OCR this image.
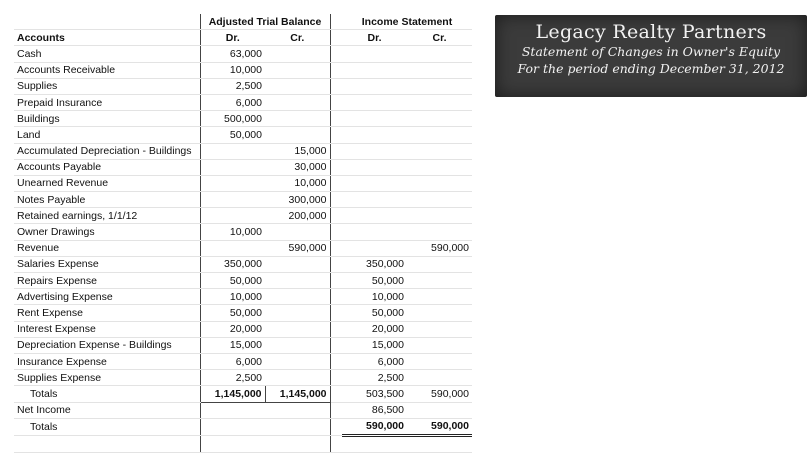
	Adjusted Trial Balance			Income Statement	
Accounts	Dr.	Cr.		Dr.	Cr.
Cash	63,000				
Accounts Receivable	10,000				
Supplies	2,500				
Prepaid Insurance	6,000				
Buildings	500,000				
Land	50,000				
Accumulated Depreciation - Buildings		15,000			
Accounts Payable		30,000			
Unearned Revenue		10,000			
Notes Payable		300,000			
Retained earnings, 1/1/12		200,000			
Owner Drawings	10,000				
Revenue		590,000			590,000
Salaries Expense	350,000			350,000	
Repairs Expense	50,000			50,000	
Advertising Expense	10,000			10,000	
Rent Expense	50,000			50,000	
Interest Expense	20,000			20,000	
Depreciation Expense - Buildings	15,000			15,000	
Insurance Expense	6,000			6,000	
Supplies Expense	2,500			2,500	
Totals	1,145,000	1,145,000		503,500	590,000
Net Income				86,500	
Totals				590,000	590,000

Legacy Realty Partners
Statement of Changes in Owner's Equity
For the period ending December 31, 2012
